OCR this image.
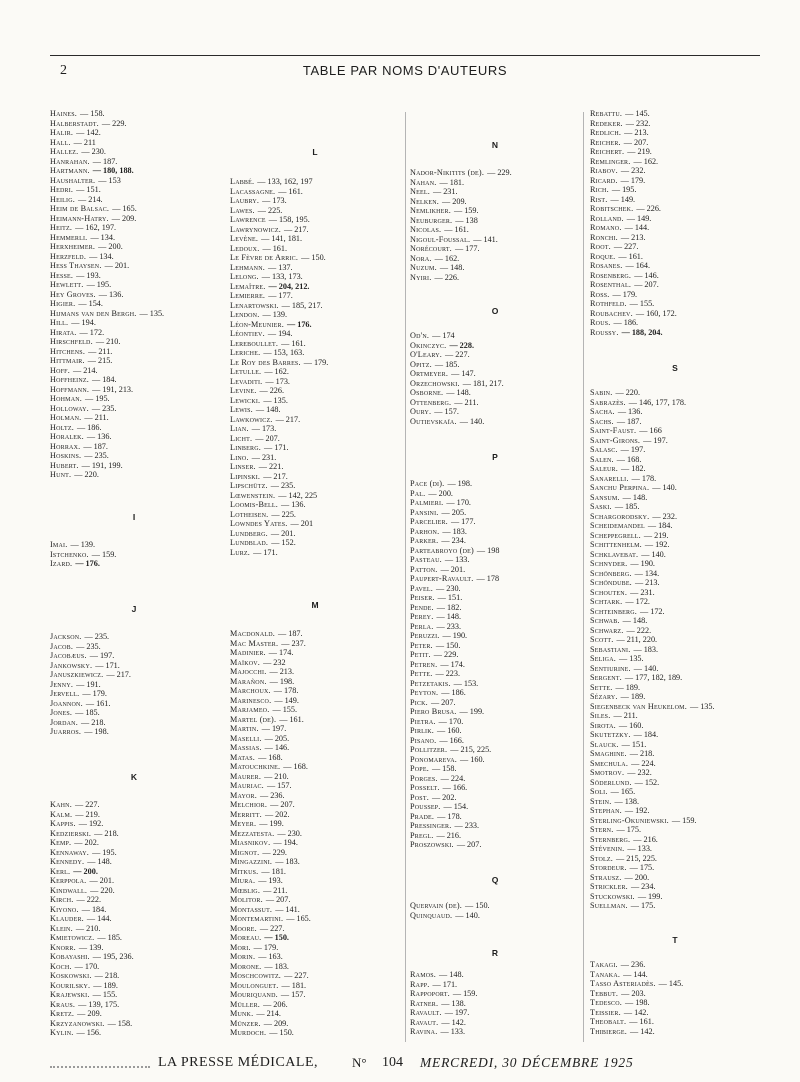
2	TABLE PAR NOMS D'AUTEURS
Haines. — 158.
Halberstadt. — 229.
Halir. — 142.
Hall. — 211
Hallez. — 230.
Hanrahan. — 187.
Hartmann. — 180, 188.
Haushalter. — 153
Hedri. — 151.
Heilig. — 214.
Heim de Balsac. — 165.
Heimann-Hatry. — 209.
Heitz. — 162, 197.
Hemmerli. — 134.
Herxheimer. — 200.
Herzfeld. — 134.
Hess Thaysen. — 201.
Hesse. — 193.
Hewlett. — 195.
Hey Groves. — 136.
Higier. — 154.
Hijmans van den Bergh. — 135.
Hill. — 194.
Hirata. — 172.
Hirschfeld. — 210.
Hitchens. — 211.
Hittmair. — 215.
Hoff. — 214.
Hoffheinz. — 184.
Hoffmann. — 191, 213.
Hohman. — 195.
Holloway. — 235.
Holman. — 211.
Holtz. — 186.
Horalek. — 136.
Horrax. — 187.
Hoskins. — 235.
Hubert. — 191, 199.
Hunt. — 220.
I
Imai. — 139.
Istchenko. — 159.
Izard. — 176.
J
Jackson. — 235.
Jacob. — 235.
Jacobæus. — 197.
Jankowsky. — 171.
Januszkiewicz. — 217.
Jenny. — 191.
Jervell. — 179.
Joannon. — 161.
Jones. — 185.
Jordan. — 218.
Juarros. — 198.
K
Kahn. — 227.
Kalm. — 219.
Kappis. — 192.
Kedzierski. — 218.
Kemp. — 202.
Kennaway. — 195.
Kennedy. — 148.
Kerl. — 200.
Kerppola. — 201.
Kindwall. — 220.
Kirch. — 222.
Kiyono. — 184.
Klauder. — 144.
Klein. — 210.
Kmietowicz. — 185.
Knorr. — 139.
Kobayashi. — 195, 236.
Koch. — 170.
Koskowski. — 218.
Kourilsky. — 189.
Krajewski. — 155.
Kraus. — 139, 175.
Kretz. — 209.
Krzyzanowski. — 158.
Kylin. — 156.
L
Labbé. — 133, 162, 197
Lacassagne. — 161.
Laubry. — 173.
Lawes. — 225.
Lawrence — 158, 195.
Lawrynowicz. — 217.
Levène. — 141, 181.
Ledoux. — 161.
Le Fèvre de Arric. — 150.
Lehmann. — 137.
Lelong. — 133, 173.
Lemaître. — 204, 212.
Lemierre. — 177.
Lenartowski. — 185, 217.
Lendon. — 139.
Léon-Meunier. — 176.
Léontiev. — 194.
Lereboullet. — 161.
Leriche. — 153, 163.
Le Roy des Barres. — 179.
Letulle. — 162.
Levaditi. — 173.
Levine. — 226.
Lewicki. — 135.
Lewis. — 148.
Lawkowicz. — 217.
Lian. — 173.
Licht. — 207.
Linberg. — 171.
Lino. — 231.
Linser. — 221.
Lipinski. — 217.
Lipschütz. — 235.
Lœwenstein. — 142, 225
Loomis-Bell. — 136.
Lotheisen. — 225.
Lowndes Yates. — 201
Lundberg. — 201.
Lundblad. — 152.
Lurz. — 171.
M
Macdonald. — 187.
Mac Master. — 237.
Madinier. — 174.
Maïkov. — 232
Majocchi. — 213.
Marañon. — 198.
Marchoux. — 178.
Marinesco. — 149.
Marjameo. — 155.
Martel (de). — 161.
Martin. — 197.
Maselli. — 205.
Massias. — 146.
Matas. — 168.
Matouchkine. — 168.
Maurer. — 210.
Mauriac. — 157.
Mayor. — 236.
Melchior. — 207.
Merritt. — 202.
Meyer. — 199.
Mezzatesta. — 230.
Miasnikov. — 194.
Mignot. — 229.
Mingazzini. — 183.
Mitkus. — 181.
Miura. — 193.
Mœblig. — 211.
Molitor. — 207.
Montassut. — 141.
Montemartini. — 165.
Moore. — 227.
Moreau. — 150.
Mori. — 179.
Morin. — 163.
Morone. — 183.
Moschcowitz. — 227.
Moulonguet. — 181.
Mouriquand. — 157.
Müller. — 206.
Munk. — 214.
Münzer. — 209.
Murdoch. — 150.
N
Nador-Nikitits (de). — 229.
Nahan. — 181.
Neel. — 231.
Nelken. — 209.
Nemlikher. — 159.
Neuburger. — 138
Nicolas. — 161.
Nigoul-Foussal. — 141.
Norécourt. — 177.
Nora. — 162.
Nuzum. — 148.
Nyiri. — 226.
O
Od'n. — 174
Okinczyc. — 228.
O'Leary. — 227.
Opitz. — 185.
Ortmeyer. — 147.
Orzechowski. — 181, 217.
Osborne. — 148.
Ottenberg. — 211.
Oury. — 157.
Outievskaïa. — 140.
P
Pace (di). — 198.
Pal. — 200.
Palmieri. — 170.
Pansini. — 205.
Parcelier. — 177.
Parhon. — 183.
Parker. — 234.
Parteabroyo (de) — 198
Pasteau. — 133.
Patton. — 201.
Paupert-Ravault. — 178
Pavel. — 230.
Peiser. — 151.
Pende. — 182.
Perey. — 148.
Perla. — 233.
Peruzzi. — 190.
Peter. — 150.
Petit. — 229.
Petren. — 174.
Pette. — 223.
Petzetakis. — 153.
Peyton. — 186.
Pick. — 207.
Piero Brusa. — 199.
Pietra. — 170.
Pirlik. — 160.
Pisano. — 166.
Pollitzer. — 215, 225.
Ponomareva. — 160.
Pope. — 158.
Porges. — 224.
Posselt. — 166.
Post. — 202.
Poussep. — 154.
Prade. — 178.
Pressinger. — 233.
Pregl. — 216.
Proszowski. — 207.
Q
Quervain (de). — 150.
Quinquaud. — 140.
R
Ramos. — 148.
Rapp. — 171.
Rappoport. — 159.
Ratner. — 138.
Ravault. — 197.
Ravaut. — 142.
Ravina. — 133.
Rebattu. — 145.
Redeker. — 232.
Redlich. — 213.
Reicher. — 207.
Reichert. — 219.
Remlinger. — 162.
Riabov. — 232.
Ricard. — 179.
Rich. — 195.
Rist. — 149.
Robitschek. — 226.
Rolland. — 149.
Romano. — 144.
Ronchi. — 213.
Root. — 227.
Roque. — 161.
Rosanes. — 164.
Rosenberg. — 146.
Rosenthal. — 207.
Ross. — 179.
Rothfeld. — 155.
Roubachev. — 160, 172.
Rous. — 186.
Roussy. — 188, 204.
S
Sabin. — 220.
Sabrazès. — 146, 177, 178.
Sacha. — 136.
Sachs. — 187.
Saint-Faust. — 166
Saint-Girons. — 197.
Salasc. — 197.
Salen. — 168.
Saleur. — 182.
Sanarelli. — 178.
Sanchu Perpina. — 140.
Sansum. — 148.
Saski. — 185.
Schargorodsky. — 232.
Scheidemandel — 184.
Scheppegrell. — 219.
Schittenhelm. — 192.
Schklavebat. — 140.
Schnyder. — 190.
Schönberg. — 134.
Schöndube. — 213.
Schouten. — 231.
Schtark. — 172.
Schteinberg. — 172.
Schwab. — 148.
Schwarz. — 222.
Scott. — 211, 220.
Sebastiani. — 183.
Seliga. — 135.
Sentiurine. — 140.
Sergent. — 177, 182, 189.
Sette. — 189.
Sézary. — 189.
Siegenbeck van Heukelom. — 135.
Siles. — 211.
Sirota. — 160.
Skutetzky. — 184.
Slauck. — 151.
Smaghine. — 218.
Smechula. — 224.
Smotrov. — 232.
Söderlund. — 152.
Soli. — 165.
Stein. — 138.
Stephan. — 192.
Sterling-Okuniewski. — 159.
Stern. — 175.
Sternberg. — 216.
Stévenin. — 133.
Stolz. — 215, 225.
Stordeur. — 175.
Strausz. — 200.
Strickler. — 234.
Stuckowski. — 199.
Suellman. — 175.
T
Takagi. — 236.
Tanaka. — 144.
Tasso Asteriadès. — 145.
Tebbut. — 203.
Tedesco. — 198.
Teissier. — 142.
Theobalt. — 161.
Thibierge. — 142.
LA PRESSE MÉDICALE,	N° 104 MERCREDI, 30 DÉCEMBRE 1925
